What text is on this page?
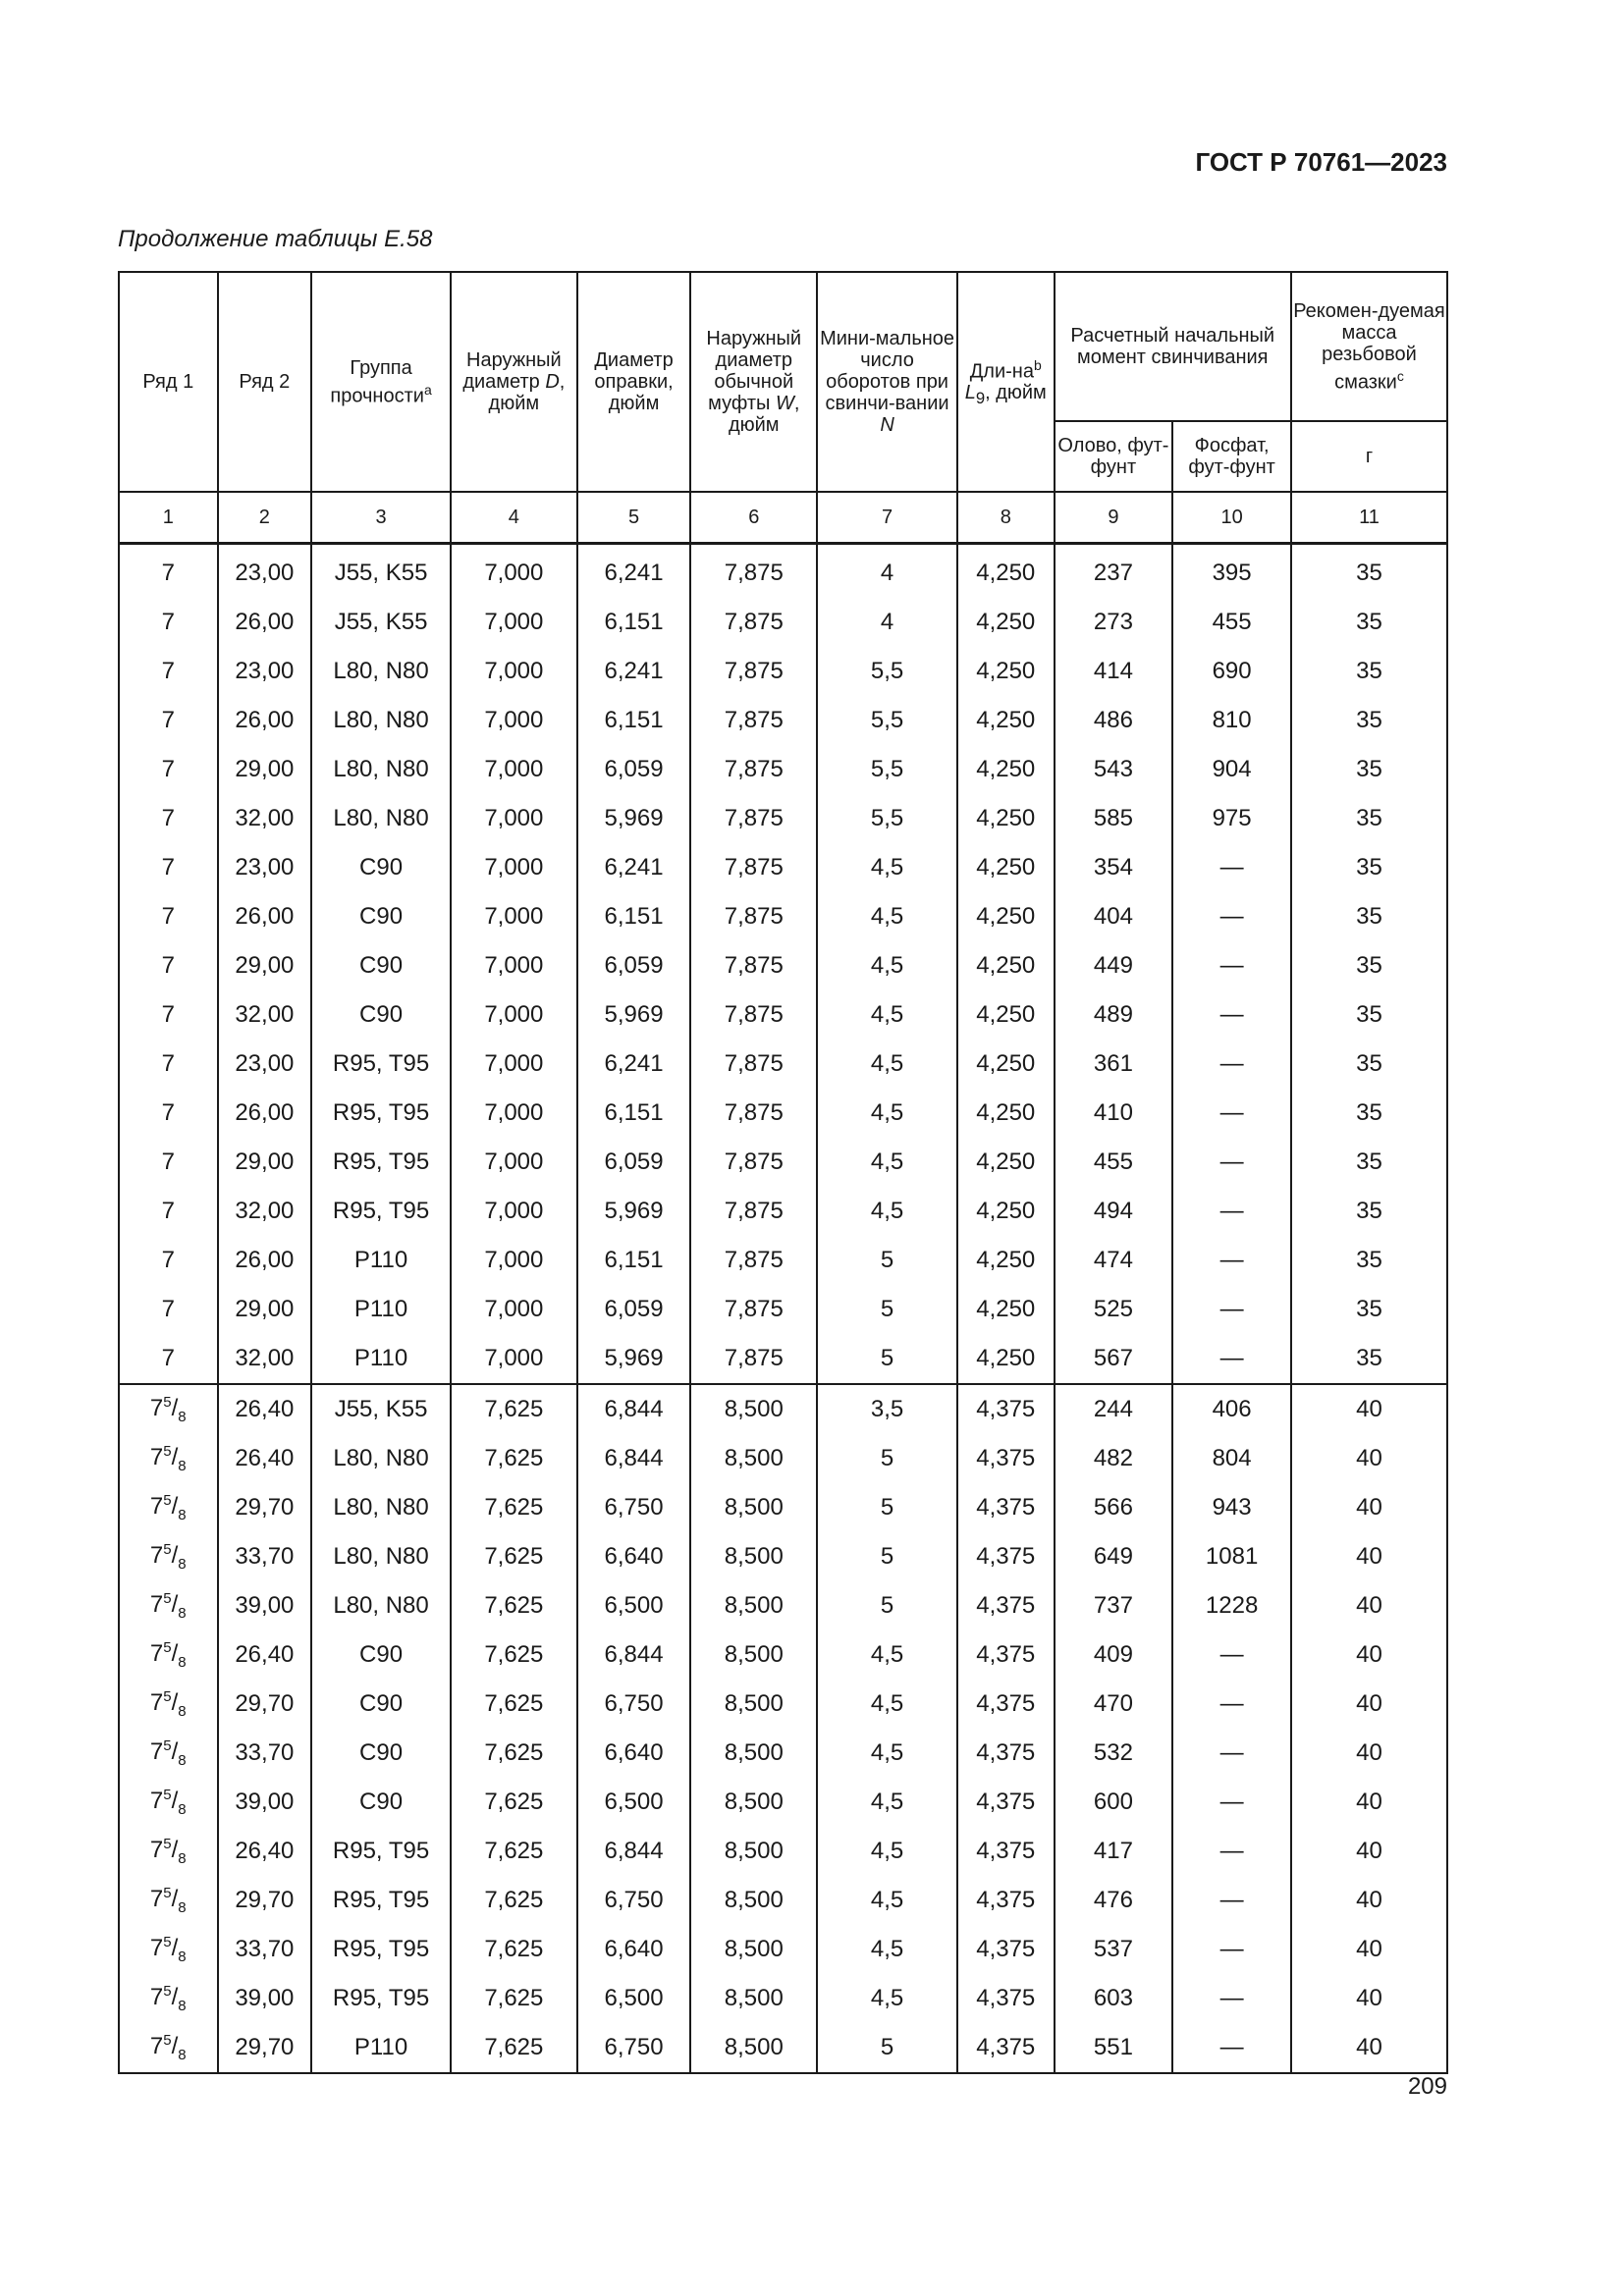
ГОСТ Р 70761—2023
Продолжение таблицы Е.58
Ряд 1	Ряд 2	Группа прочности$^a$	Наружный диаметр D, дюйм	Диаметр оправки, дюйм	Наружный диаметр обычной муфты W, дюйм	Мини-мальное число оборотов при свинчи-вании N	Дли-$на^b$ $L_9$, дюйм	Расчетный начальный момент свинчивания		Рекомен-дуемая масса резьбовой смазки$^c$
								Олово, фут-фунт	Фосфат, фут-фунт	г
1	2	3	4	5	6	7	8	9	10	11
7	23,00	J55, K55	7,000	6,241	7,875	4	4,250	237	395	35
7	26,00	J55, K55	7,000	6,151	7,875	4	4,250	273	455	35
7	23,00	L80, N80	7,000	6,241	7,875	5,5	4,250	414	690	35
7	26,00	L80, N80	7,000	6,151	7,875	5,5	4,250	486	810	35
7	29,00	L80, N80	7,000	6,059	7,875	5,5	4,250	543	904	35
7	32,00	L80, N80	7,000	5,969	7,875	5,5	4,250	585	975	35
7	23,00	C90	7,000	6,241	7,875	4,5	4,250	354	—	35
7	26,00	C90	7,000	6,151	7,875	4,5	4,250	404	—	35
7	29,00	C90	7,000	6,059	7,875	4,5	4,250	449	—	35
7	32,00	C90	7,000	5,969	7,875	4,5	4,250	489	—	35
7	23,00	R95, T95	7,000	6,241	7,875	4,5	4,250	361	—	35
7	26,00	R95, T95	7,000	6,151	7,875	4,5	4,250	410	—	35
7	29,00	R95, T95	7,000	6,059	7,875	4,5	4,250	455	—	35
7	32,00	R95, T95	7,000	5,969	7,875	4,5	4,250	494	—	35
7	26,00	P110	7,000	6,151	7,875	5	4,250	474	—	35
7	29,00	P110	7,000	6,059	7,875	5	4,250	525	—	35
7	32,00	P110	7,000	5,969	7,875	5	4,250	567	—	35
$7^5/_8$	26,40	J55, K55	7,625	6,844	8,500	3,5	4,375	244	406	40
$7^5/_8$	26,40	L80, N80	7,625	6,844	8,500	5	4,375	482	804	40
$7^5/_8$	29,70	L80, N80	7,625	6,750	8,500	5	4,375	566	943	40
$7^5/_8$	33,70	L80, N80	7,625	6,640	8,500	5	4,375	649	1081	40
$7^5/_8$	39,00	L80, N80	7,625	6,500	8,500	5	4,375	737	1228	40
$7^5/_8$	26,40	C90	7,625	6,844	8,500	4,5	4,375	409	—	40
$7^5/_8$	29,70	C90	7,625	6,750	8,500	4,5	4,375	470	—	40
$7^5/_8$	33,70	C90	7,625	6,640	8,500	4,5	4,375	532	—	40
$7^5/_8$	39,00	C90	7,625	6,500	8,500	4,5	4,375	600	—	40
$7^5/_8$	26,40	R95, T95	7,625	6,844	8,500	4,5	4,375	417	—	40
$7^5/_8$	29,70	R95, T95	7,625	6,750	8,500	4,5	4,375	476	—	40
$7^5/_8$	33,70	R95, T95	7,625	6,640	8,500	4,5	4,375	537	—	40
$7^5/_8$	39,00	R95, T95	7,625	6,500	8,500	4,5	4,375	603	—	40
$7^5/_8$	29,70	P110	7,625	6,750	8,500	5	4,375	551	—	40
209
